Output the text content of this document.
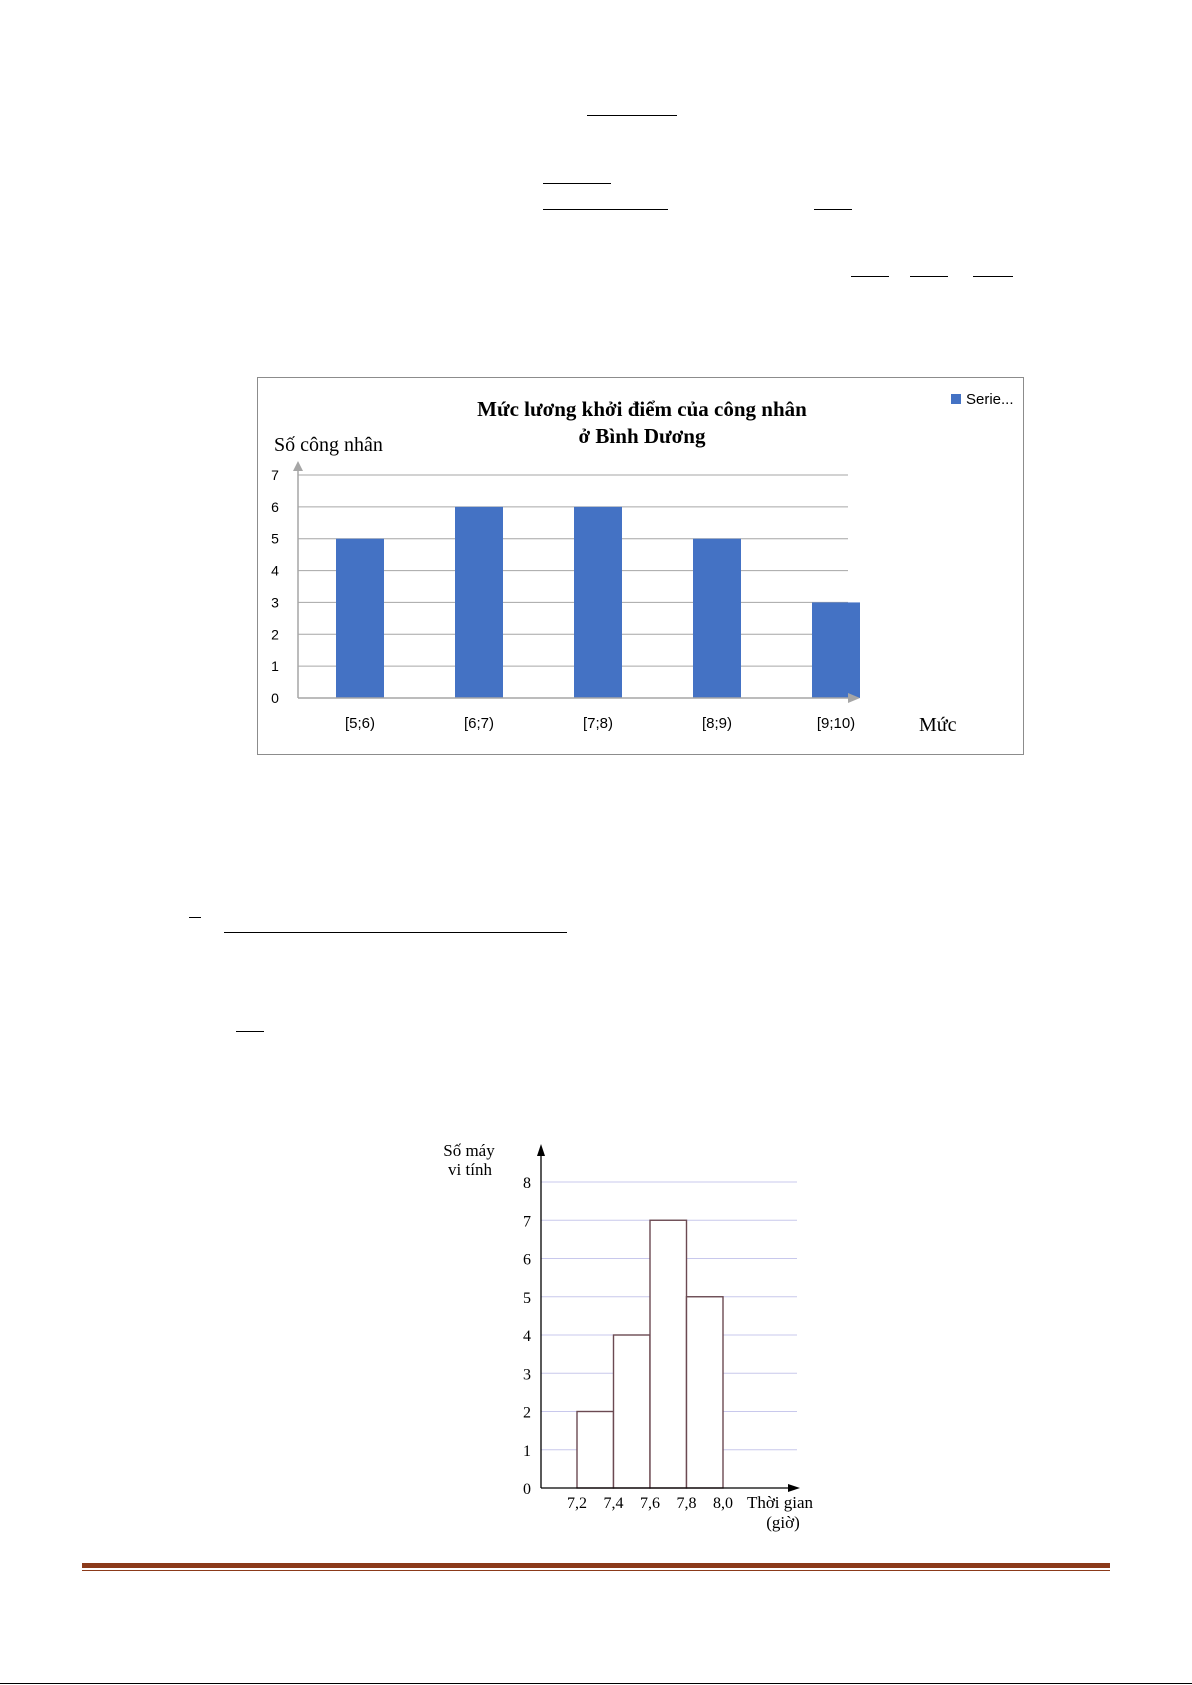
0
1
2
3
4
5
6
7
[5;6)	[6;7)	[7;8)	[8;9)	[9;10)
Mức lương khởi điểm của công nhân
ở Bình Dương
Số công nhân
Mức
Serie...
0
1
2
3
4
5
6
7
8
7,2 7,4 7,6 7,8 8,0
Số máy
vi tính
Thời gian
(giờ)
